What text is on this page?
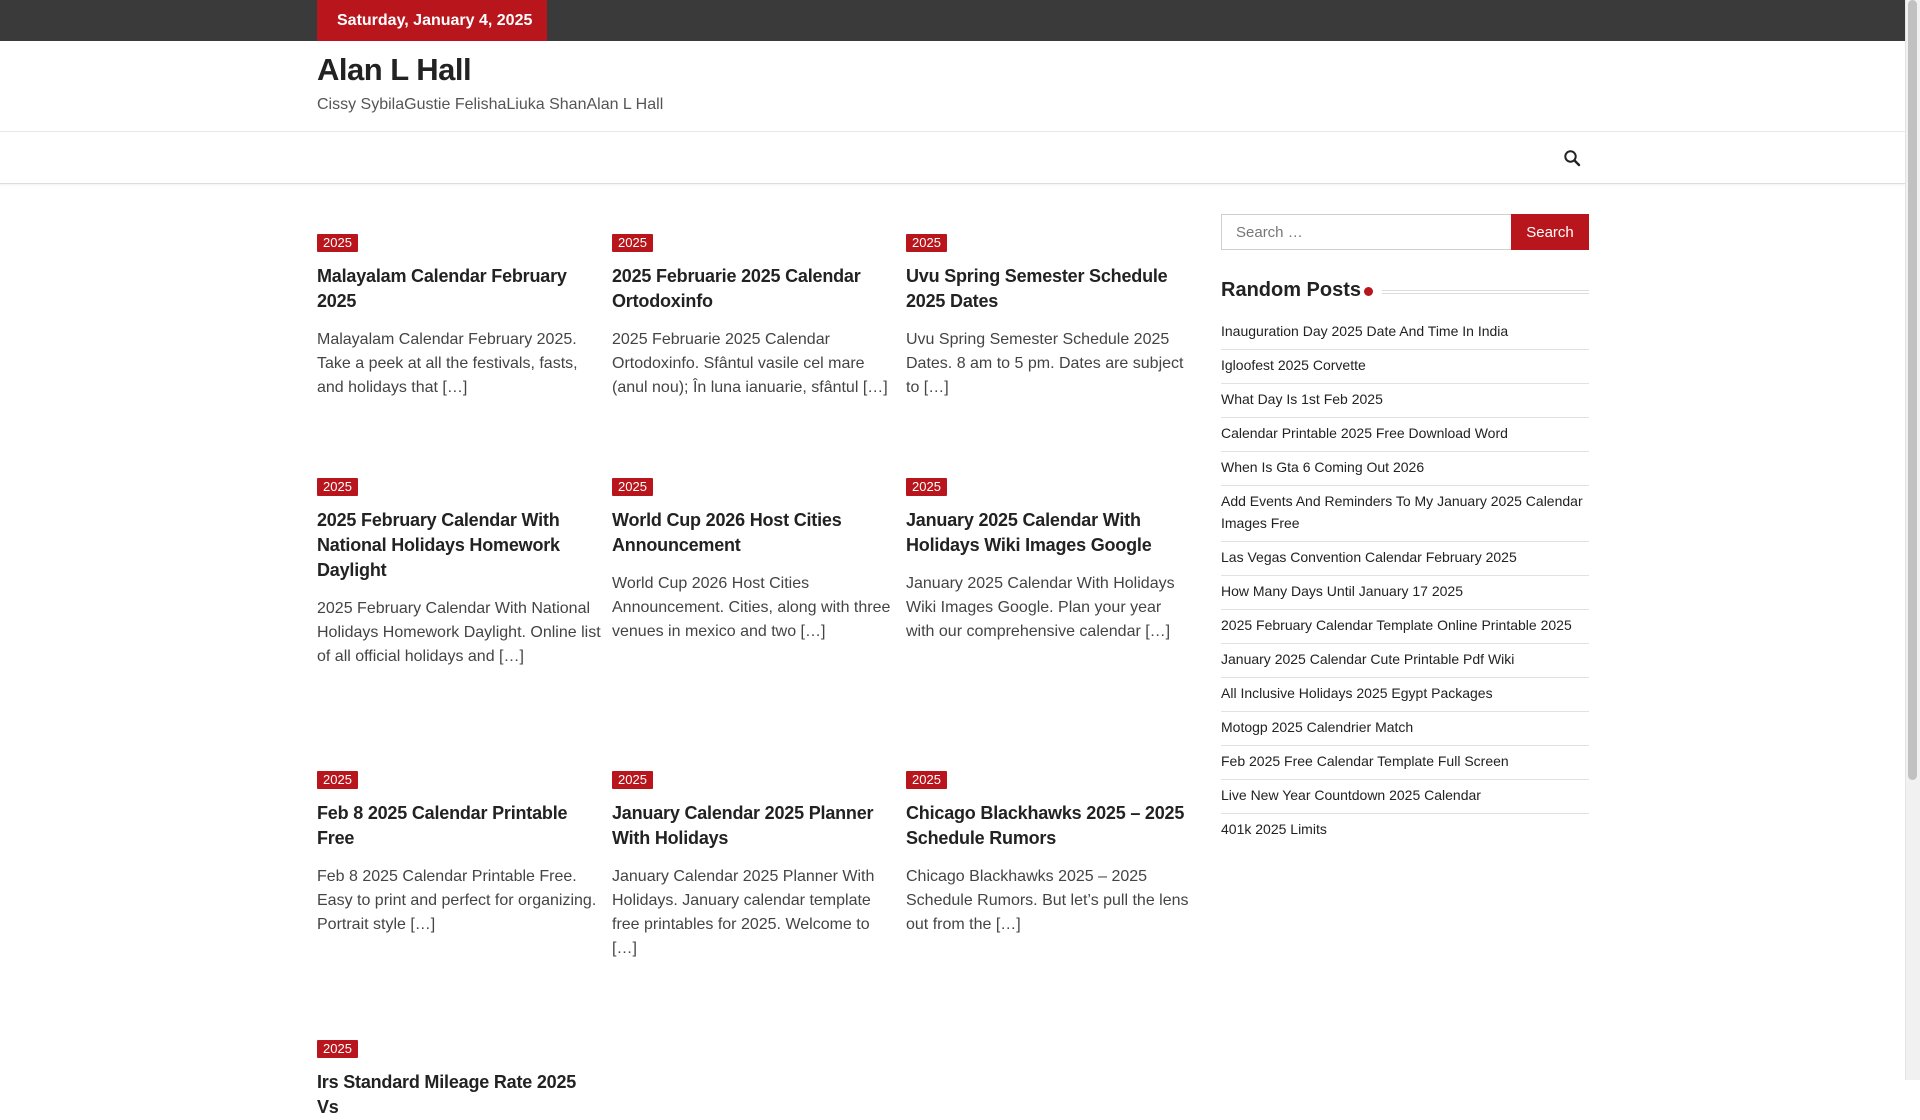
Saturday, January 4, 2025
Alan L Hall
Cissy SybilaGustie FelishaLiuka ShanAlan L Hall
2025
Malayalam Calendar February 2025
Malayalam Calendar February 2025. Take a peek at all the festivals, fasts, and holidays that […]
2025
2025 Februarie 2025 Calendar Ortodoxinfo
2025 Februarie 2025 Calendar Ortodoxinfo. Sfântul vasile cel mare (anul nou); În luna ianuarie, sfântul […]
2025
Uvu Spring Semester Schedule 2025 Dates
Uvu Spring Semester Schedule 2025 Dates. 8 am to 5 pm. Dates are subject to […]
2025
2025 February Calendar With National Holidays Homework Daylight
2025 February Calendar With National Holidays Homework Daylight. Online list of all official holidays and […]
2025
World Cup 2026 Host Cities Announcement
World Cup 2026 Host Cities Announcement. Cities, along with three venues in mexico and two […]
2025
January 2025 Calendar With Holidays Wiki Images Google
January 2025 Calendar With Holidays Wiki Images Google. Plan your year with our comprehensive calendar […]
2025
Feb 8 2025 Calendar Printable Free
Feb 8 2025 Calendar Printable Free. Easy to print and perfect for organizing. Portrait style […]
2025
January Calendar 2025 Planner With Holidays
January Calendar 2025 Planner With Holidays. January calendar template free printables for 2025. Welcome to […]
2025
Chicago Blackhawks 2025 – 2025 Schedule Rumors
Chicago Blackhawks 2025 – 2025 Schedule Rumors. But let’s pull the lens out from the […]
2025
Irs Standard Mileage Rate 2025 Vs
Search …
Search
Random Posts
Inauguration Day 2025 Date And Time In India
Igloofest 2025 Corvette
What Day Is 1st Feb 2025
Calendar Printable 2025 Free Download Word
When Is Gta 6 Coming Out 2026
Add Events And Reminders To My January 2025 Calendar Images Free
Las Vegas Convention Calendar February 2025
How Many Days Until January 17 2025
2025 February Calendar Template Online Printable 2025
January 2025 Calendar Cute Printable Pdf Wiki
All Inclusive Holidays 2025 Egypt Packages
Motogp 2025 Calendrier Match
Feb 2025 Free Calendar Template Full Screen
Live New Year Countdown 2025 Calendar
401k 2025 Limits
